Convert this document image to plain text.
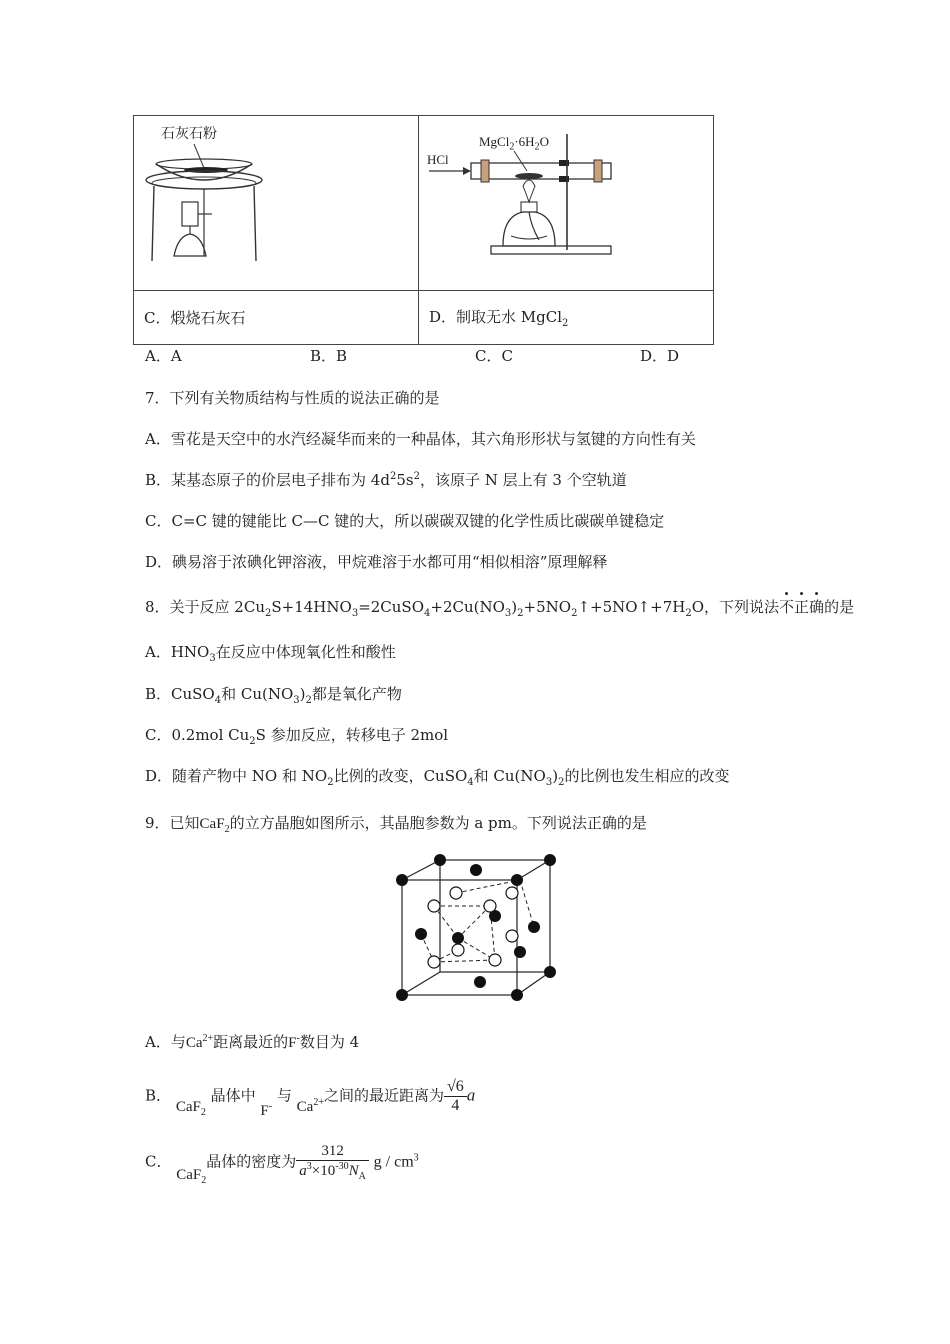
石灰石粉	$MgCl_2\cdot 6H_2O$
HCl

C．煅烧石灰石	D．制取无水 MgCl$_2$
A．A	B．B	C．C	D．D
7．下列有关物质结构与性质的说法正确的是
A．雪花是天空中的水汽经凝华而来的一种晶体，其六角形形状与氢键的方向性有关
B．某基态原子的价层电子排布为 $4d^25s^2$，该原子 N 层上有 3 个空轨道
C．C=C 键的键能比 C—C 键的大，所以碳碳双键的化学性质比碳碳单键稳定
D．碘易溶于浓碘化钾溶液，甲烷难溶于水都可用“相似相溶”原理解释
8．关于反应 $2Cu_2S+14HNO_3=2CuSO_4+2Cu(NO_3)_2+5NO_2↑+5NO↑+7H_2O$，下列说法不正确的是
A．$HNO_3$在反应中体现氧化性和酸性
B．CuSO$_4$和 $Cu(NO_3)_2$都是氧化产物
C．0.2mol $Cu_2S$ 参加反应，转移电子 2mol
D．随着产物中 NO 和 $NO_2$比例的改变，CuSO$_4$和 $Cu(NO_3)_2$的比例也发生相应的改变
9．已知CaF$_2$的立方晶胞如图所示，其晶胞参数为 a pm。下列说法正确的是
A．与$Ca^{2+}$距离最近的F-数目为 4
B． CaF$_2$ 晶体中 F- 与 $Ca^{2+}$之间的最近距离为 $\frac{√6}{4}$ a
C． CaF$_2$晶体的密度为 $\frac{312}{a^3\times 10^{-30}N_A}$ g / $cm^3$
